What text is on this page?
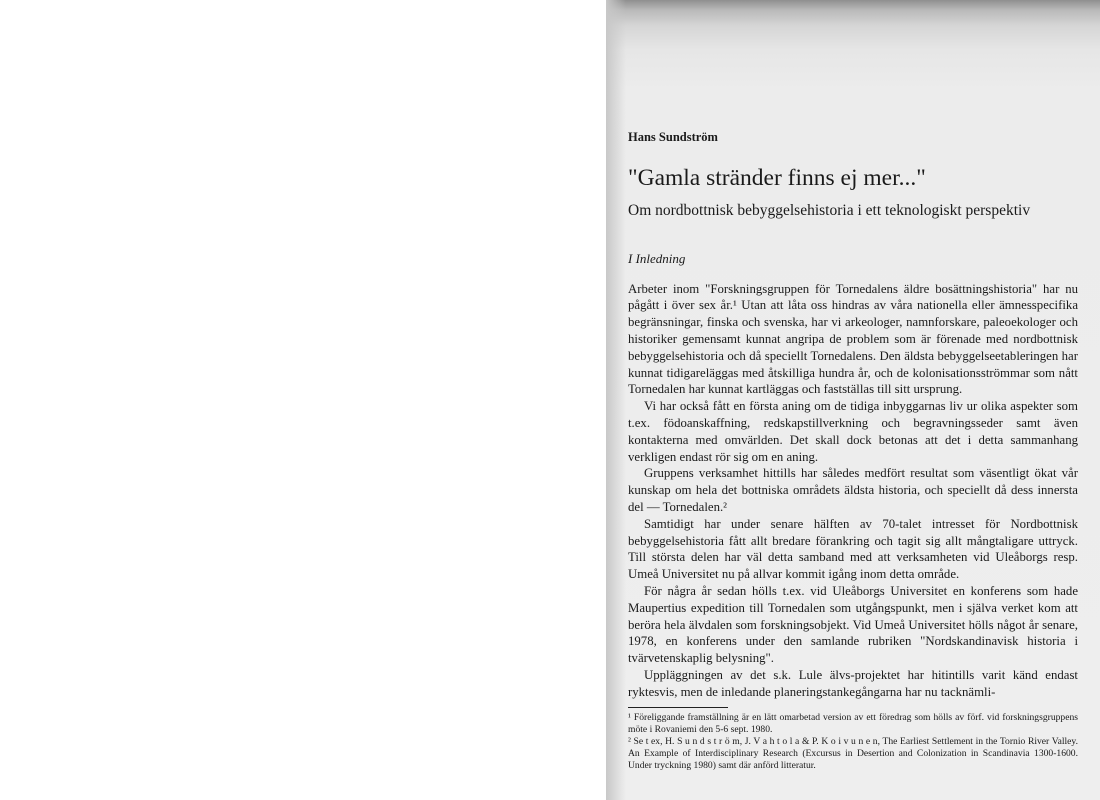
Hans Sundström
"Gamla stränder finns ej mer..."
Om nordbottnisk bebyggelsehistoria i ett teknologiskt perspektiv
I Inledning

Arbeter inom "Forskningsgruppen för Tornedalens äldre bosättningshistoria" har nu pågått i över sex år.¹ Utan att låta oss hindras av våra nationella eller ämnesspecifika begränsningar, finska och svenska, har vi arkeologer, namnforskare, paleoekologer och historiker gemensamt kunnat angripa de problem som är förenade med nordbottnisk bebyggelsehistoria och då speciellt Tornedalens. Den äldsta bebyggelseetableringen har kunnat tidigareläggas med åtskilliga hundra år, och de kolonisationsströmmar som nått Tornedalen har kunnat kartläggas och fastställas till sitt ursprung.

Vi har också fått en första aning om de tidiga inbyggarnas liv ur olika aspekter som t.ex. födoanskaffning, redskapstillverkning och begravningsseder samt även kontakterna med omvärlden. Det skall dock betonas att det i detta sammanhang verkligen endast rör sig om en aning.

Gruppens verksamhet hittills har således medfört resultat som väsentligt ökat vår kunskap om hela det bottniska områdets äldsta historia, och speciellt då dess innersta del — Tornedalen.²

Samtidigt har under senare hälften av 70-talet intresset för Nordbottnisk bebyggelsehistoria fått allt bredare förankring och tagit sig allt mångtaligare uttryck. Till största delen har väl detta samband med att verksamheten vid Uleåborgs resp. Umeå Universitet nu på allvar kommit igång inom detta område.

För några år sedan hölls t.ex. vid Uleåborgs Universitet en konferens som hade Maupertius expedition till Tornedalen som utgångspunkt, men i själva verket kom att beröra hela älvdalen som forskningsobjekt. Vid Umeå Universitet hölls något år senare, 1978, en konferens under den samlande rubriken "Nordskandinavisk historia i tvärvetenskaplig belysning".

Uppläggningen av det s.k. Lule älvs-projektet har hitintills varit känd endast ryktesvis, men de inledande planeringstankegångarna har nu tacknämli-

¹ Föreliggande framställning är en lätt omarbetad version av ett föredrag som hölls av förf. vid forskningsgruppens möte i Rovaniemi den 5-6 sept. 1980.

² Se t ex, H. S u n d s t r ö m, J. V a h t o l a & P. K o i v u n e n, The Earliest Settlement in the Tornio River Valley. An Example of Interdisciplinary Research (Excursus in Desertion and Colonization in Scandinavia 1300-1600. Under tryckning 1980) samt där anförd litteratur.
